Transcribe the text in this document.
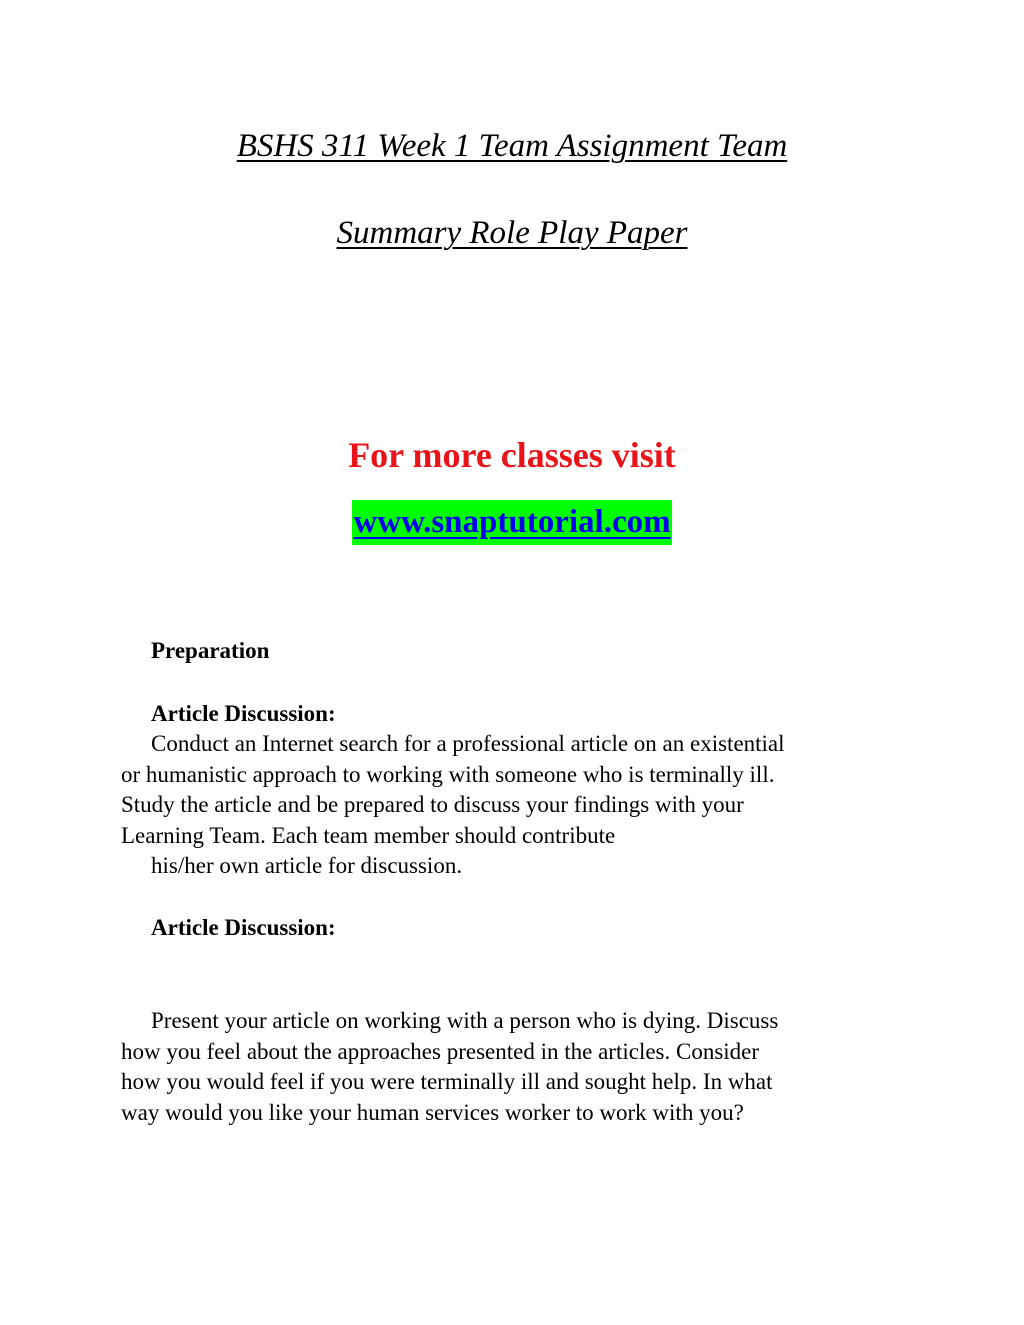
BSHS 311 Week 1 Team Assignment Team
Summary Role Play Paper
For more classes visit
www.snaptutorial.com
Preparation
Article Discussion:
Conduct an Internet search for a professional article on an existential
or humanistic approach to working with someone who is terminally ill.
Study the article and be prepared to discuss your findings with your
Learning Team. Each team member should contribute
his/her own article for discussion.
Article Discussion:
Present your article on working with a person who is dying. Discuss
how you feel about the approaches presented in the articles. Consider
how you would feel if you were terminally ill and sought help. In what
way would you like your human services worker to work with you?
